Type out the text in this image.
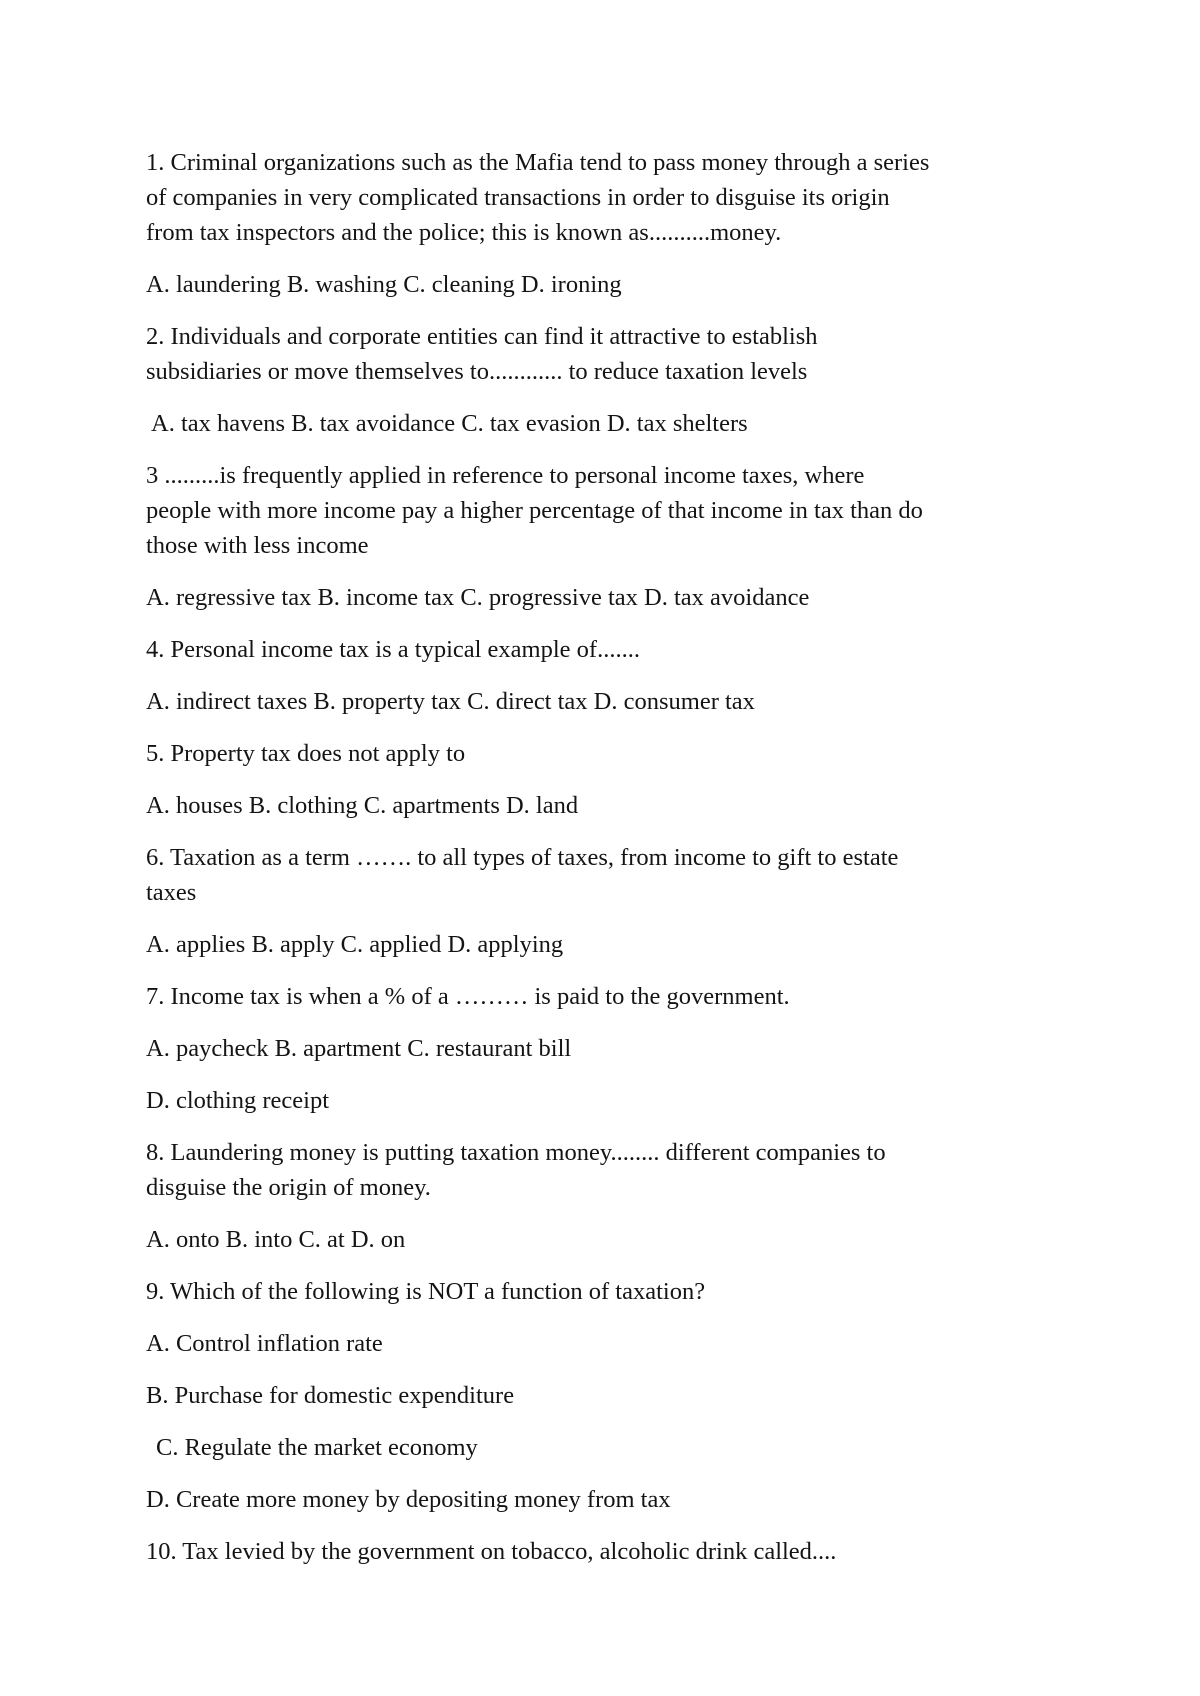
1. Criminal organizations such as the Mafia tend to pass money through a series
of companies in very complicated transactions in order to disguise its origin
from tax inspectors and the police; this is known as..........money.
A. laundering B. washing C. cleaning D. ironing
2. Individuals and corporate entities can find it attractive to establish
subsidiaries or move themselves to............ to reduce taxation levels
A. tax havens B. tax avoidance C. tax evasion D. tax shelters
3 .........is frequently applied in reference to personal income taxes, where
people with more income pay a higher percentage of that income in tax than do
those with less income
A. regressive tax B. income tax C. progressive tax D. tax avoidance
4. Personal income tax is a typical example of.......
A. indirect taxes B. property tax C. direct tax D. consumer tax
5. Property tax does not apply to
A. houses B. clothing C. apartments D. land
6. Taxation as a term ……. to all types of taxes, from income to gift to estate
taxes
A. applies B. apply C. applied D. applying
7. Income tax is when a % of a ……… is paid to the government.
A. paycheck B. apartment C. restaurant bill
D. clothing receipt
8. Laundering money is putting taxation money........ different companies to
disguise the origin of money.
A. onto B. into C. at D. on
9. Which of the following is NOT a function of taxation?
A. Control inflation rate
B. Purchase for domestic expenditure
C. Regulate the market economy
D. Create more money by depositing money from tax
10. Tax levied by the government on tobacco, alcoholic drink called....
